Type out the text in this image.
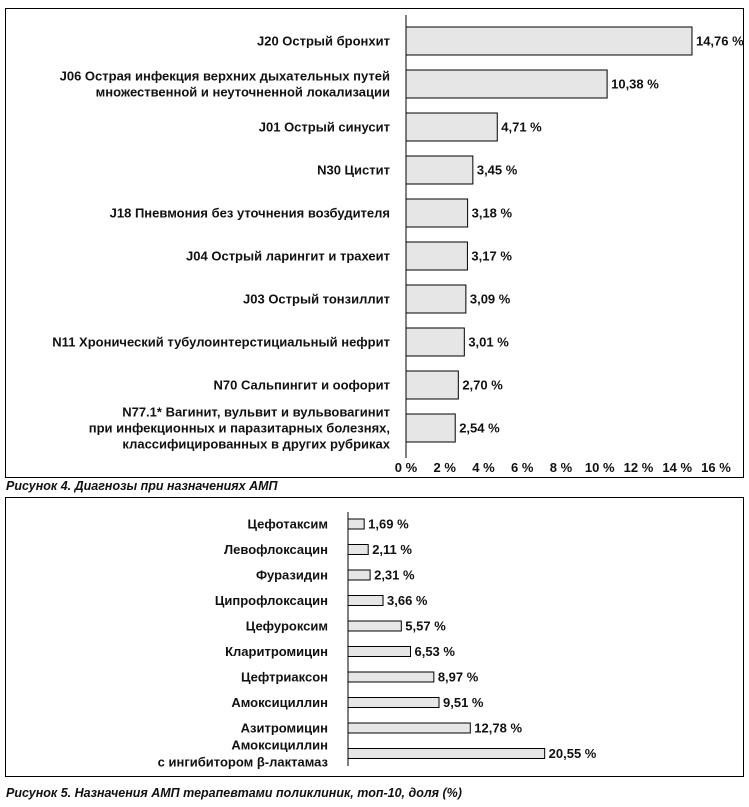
Рисунок 4. Диагнозы при назначениях АМП
Рисунок 5. Назначения АМП терапевтами поликлиник, топ-10, доля (%)
14,76 %
J20 Острый бронхит
10,38 %
J06 Острая инфекция верхних дыхательных путей
множественной и неуточненной локализации
4,71 %
J01 Острый синусит
3,45 %
N30 Цистит
3,18 %
J18 Пневмония без уточнения возбудителя
3,17 %
J04 Острый ларингит и трахеит
3,09 %
J03 Острый тонзиллит
3,01 %
N11 Хронический тубулоинтерстициальный нефрит
2,70 %
N70 Сальпингит и оофорит
2,54 %
N77.1* Вагинит, вульвит и вульвовагинит
при инфекционных и паразитарных болезнях,
классифицированных в других рубриках
0 % 2 % 4 % 6 % 8 % 10 % 12 % 14 % 16 %
1,69 %
Цефотаксим
2,11 %
Левофлоксацин
2,31 %
Фуразидин
3,66 %
Ципрофлоксацин
5,57 %
Цефуроксим
6,53 %
Кларитромицин
8,97 %
Цефтриаксон
9,51 %
Амоксициллин
12,78 %
Азитромицин
20,55 %
Амоксициллин
с ингибитором β-лактамаз
